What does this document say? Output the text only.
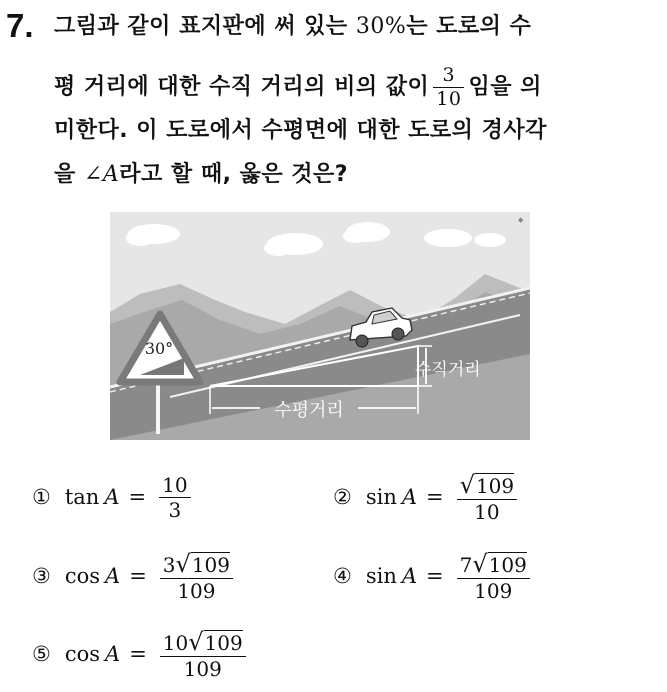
7. 그림과 같이 표지판에 써 있는 30%는 도로의 수
평 거리에 대한 수직 거리의 비의 값이 $\frac{3}{10}$ 임을 의
미한다. 이 도로에서 수평면에 대한 도로의 경사각
을 ∠A라고 할 때, 옳은 것은?
수평거리
수직거리
30°
◆
① $\tan A = \frac{10}{3}$	② $\sin A = \frac{√109}{10}$
③ $\cos A = \frac{3√109}{109}$	④ $\sin A = \frac{7√109}{109}$
⑤ $\cos A = \frac{10√109}{109}$
